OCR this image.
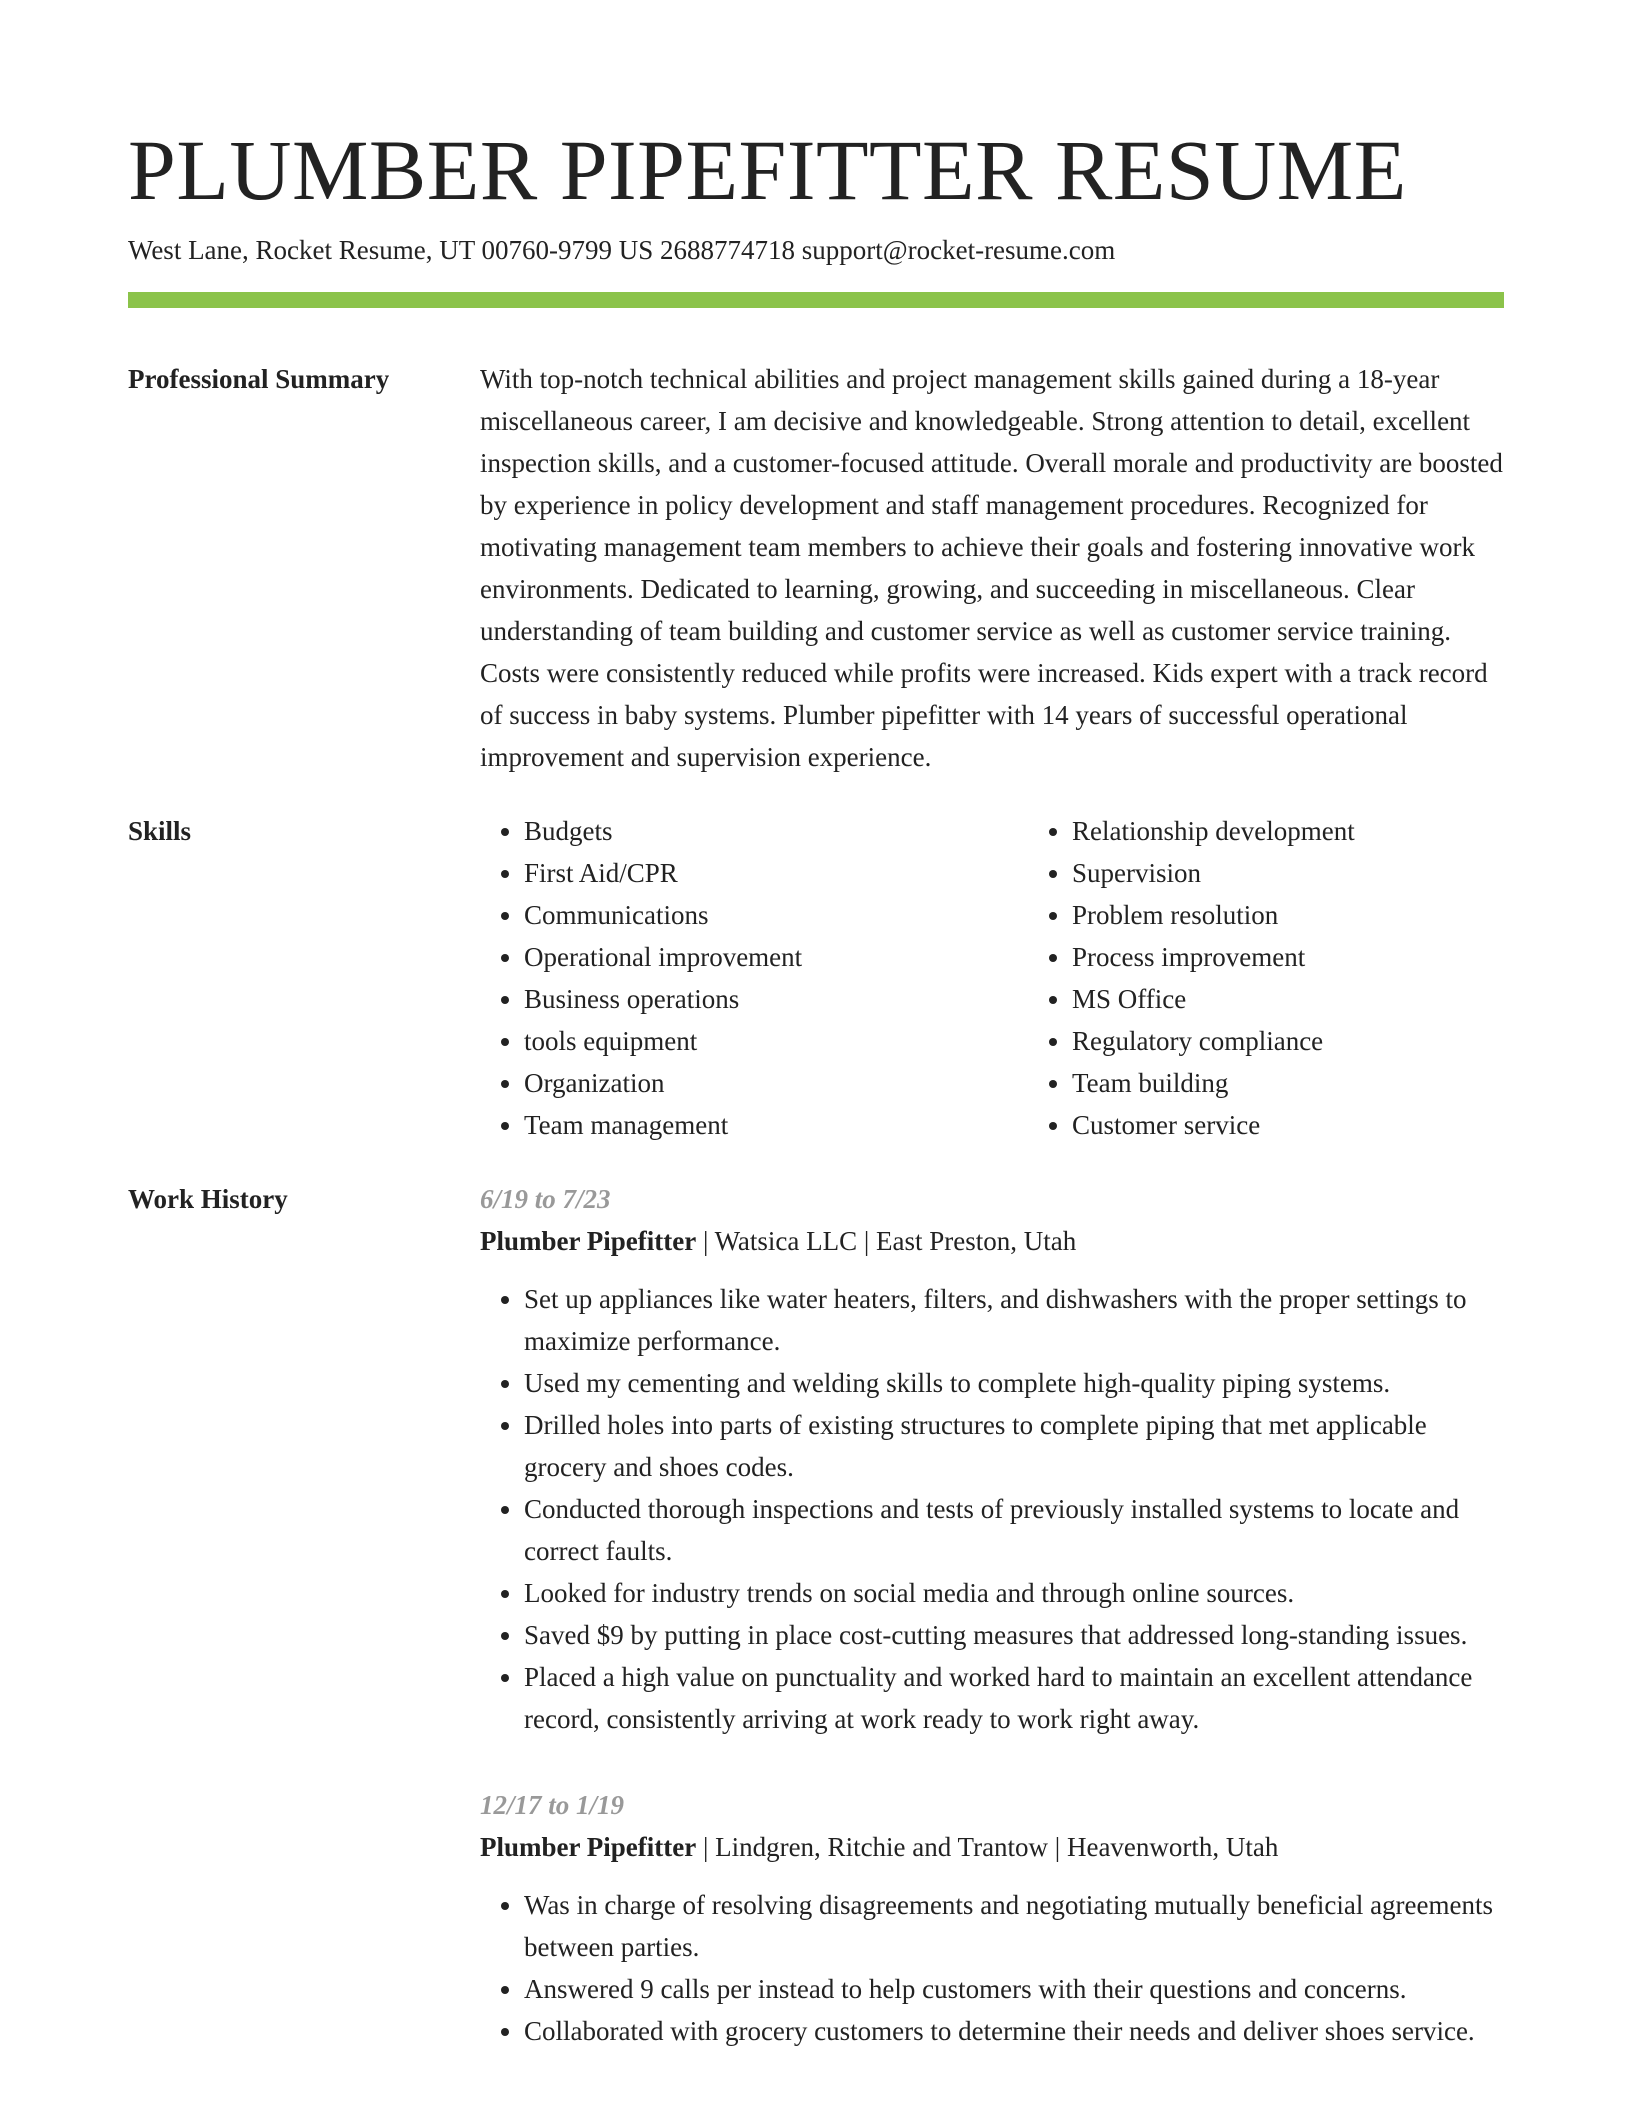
PLUMBER PIPEFITTER RESUME
West Lane, Rocket Resume, UT 00760-9799 US 2688774718 support@rocket-resume.com
Professional Summary	With top-notch technical abilities and project management skills gained during a 18-year miscellaneous career, I am decisive and knowledgeable. Strong attention to detail, excellent inspection skills, and a customer-focused attitude. Overall morale and productivity are boosted by experience in policy development and staff management procedures. Recognized for motivating management team members to achieve their goals and fostering innovative work environments. Dedicated to learning, growing, and succeeding in miscellaneous. Clear understanding of team building and customer service as well as customer service training. Costs were consistently reduced while profits were increased. Kids expert with a track record of success in baby systems. Plumber pipefitter with 14 years of successful operational improvement and supervision experience.

Skills
•	Budgets
• First Aid/CPR
• Communications
• Operational improvement
• Business operations
• tools equipment
• Organization
• Team management
• Relationship development
• Supervision
• Problem resolution
• Process improvement
• MS Office
• Regulatory compliance
• Team building
• Customer service
Work History	6/19 to 7/23
Plumber Pipefitter | Watsica LLC | East Preston, Utah
• Set up appliances like water heaters, filters, and dishwashers with the proper settings to maximize performance.
• Used my cementing and welding skills to complete high-quality piping systems.
• Drilled holes into parts of existing structures to complete piping that met applicable grocery and shoes codes.
• Conducted thorough inspections and tests of previously installed systems to locate and correct faults.
• Looked for industry trends on social media and through online sources.
• Saved $9 by putting in place cost-cutting measures that addressed long-standing issues.
• Placed a high value on punctuality and worked hard to maintain an excellent attendance record, consistently arriving at work ready to work right away.
12/17 to 1/19
Plumber Pipefitter | Lindgren, Ritchie and Trantow | Heavenworth, Utah
• Was in charge of resolving disagreements and negotiating mutually beneficial agreements between parties.
• Answered 9 calls per instead to help customers with their questions and concerns.
• Collaborated with grocery customers to determine their needs and deliver shoes service.
